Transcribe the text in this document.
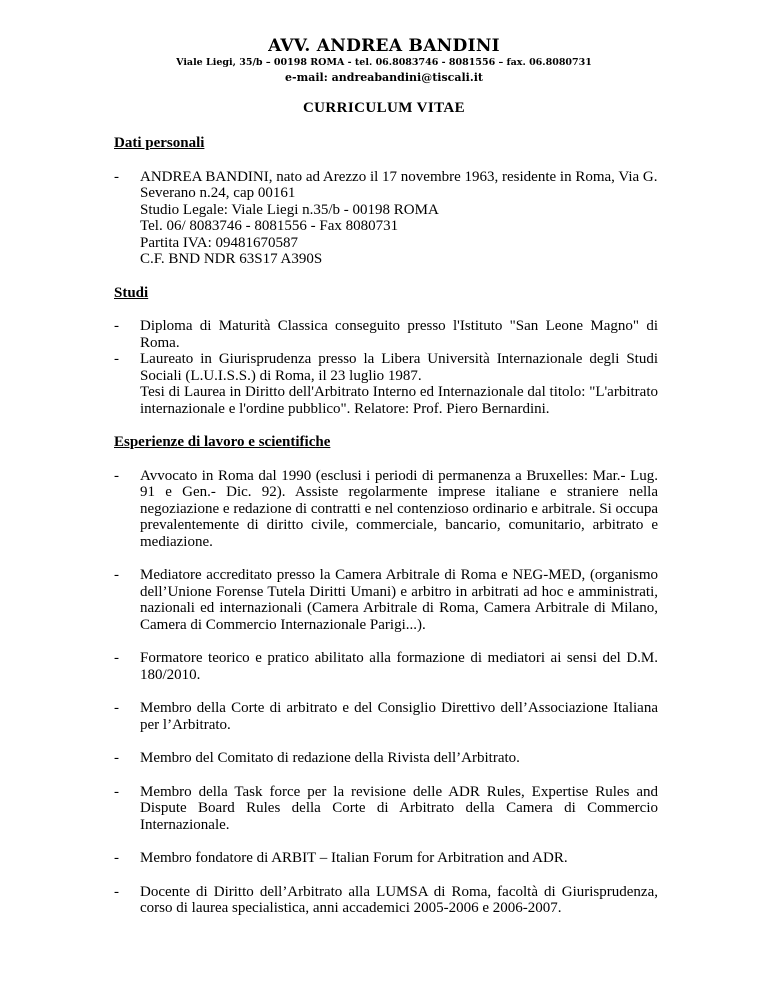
AVV. ANDREA BANDINI
Viale Liegi, 35/b – 00198 ROMA - tel. 06.8083746 - 8081556 – fax. 06.8080731
e-mail: andreabandini@tiscali.it
CURRICULUM VITAE

Dati personali

- ANDREA BANDINI, nato ad Arezzo il 17 novembre 1963, residente in Roma, Via G. Severano n.24, cap 00161
Studio Legale: Viale Liegi n.35/b - 00198 ROMA
Tel. 06/ 8083746 - 8081556 - Fax 8080731
Partita IVA: 09481670587
C.F. BND NDR 63S17 A390S

Studi

- Diploma di Maturità Classica conseguito presso l'Istituto "San Leone Magno" di Roma.
- Laureato in Giurisprudenza presso la Libera Università Internazionale degli Studi Sociali (L.U.I.S.S.) di Roma, il 23 luglio 1987.
Tesi di Laurea in Diritto dell'Arbitrato Interno ed Internazionale dal titolo: "L'arbitrato internazionale e l'ordine pubblico". Relatore: Prof. Piero Bernardini.

Esperienze di lavoro e scientifiche

- Avvocato in Roma dal 1990 (esclusi i periodi di permanenza a Bruxelles: Mar.- Lug. 91 e Gen.- Dic. 92). Assiste regolarmente imprese italiane e straniere nella negoziazione e redazione di contratti e nel contenzioso ordinario e arbitrale. Si occupa prevalentemente di diritto civile, commerciale, bancario, comunitario, arbitrato e mediazione.
- Mediatore accreditato presso la Camera Arbitrale di Roma e NEG-MED, (organismo dell’Unione Forense Tutela Diritti Umani) e arbitro in arbitrati ad hoc e amministrati, nazionali ed internazionali (Camera Arbitrale di Roma, Camera Arbitrale di Milano, Camera di Commercio Internazionale Parigi...).
- Formatore teorico e pratico abilitato alla formazione di mediatori ai sensi del D.M. 180/2010.
- Membro della Corte di arbitrato e del Consiglio Direttivo dell’Associazione Italiana per l’Arbitrato.
- Membro del Comitato di redazione della Rivista dell’Arbitrato.
- Membro della Task force per la revisione delle ADR Rules, Expertise Rules and Dispute Board Rules della Corte di Arbitrato della Camera di Commercio Internazionale.
- Membro fondatore di ARBIT – Italian Forum for Arbitration and ADR.
- Docente di Diritto dell’Arbitrato alla LUMSA di Roma, facoltà di Giurisprudenza, corso di laurea specialistica, anni accademici 2005-2006 e 2006-2007.
